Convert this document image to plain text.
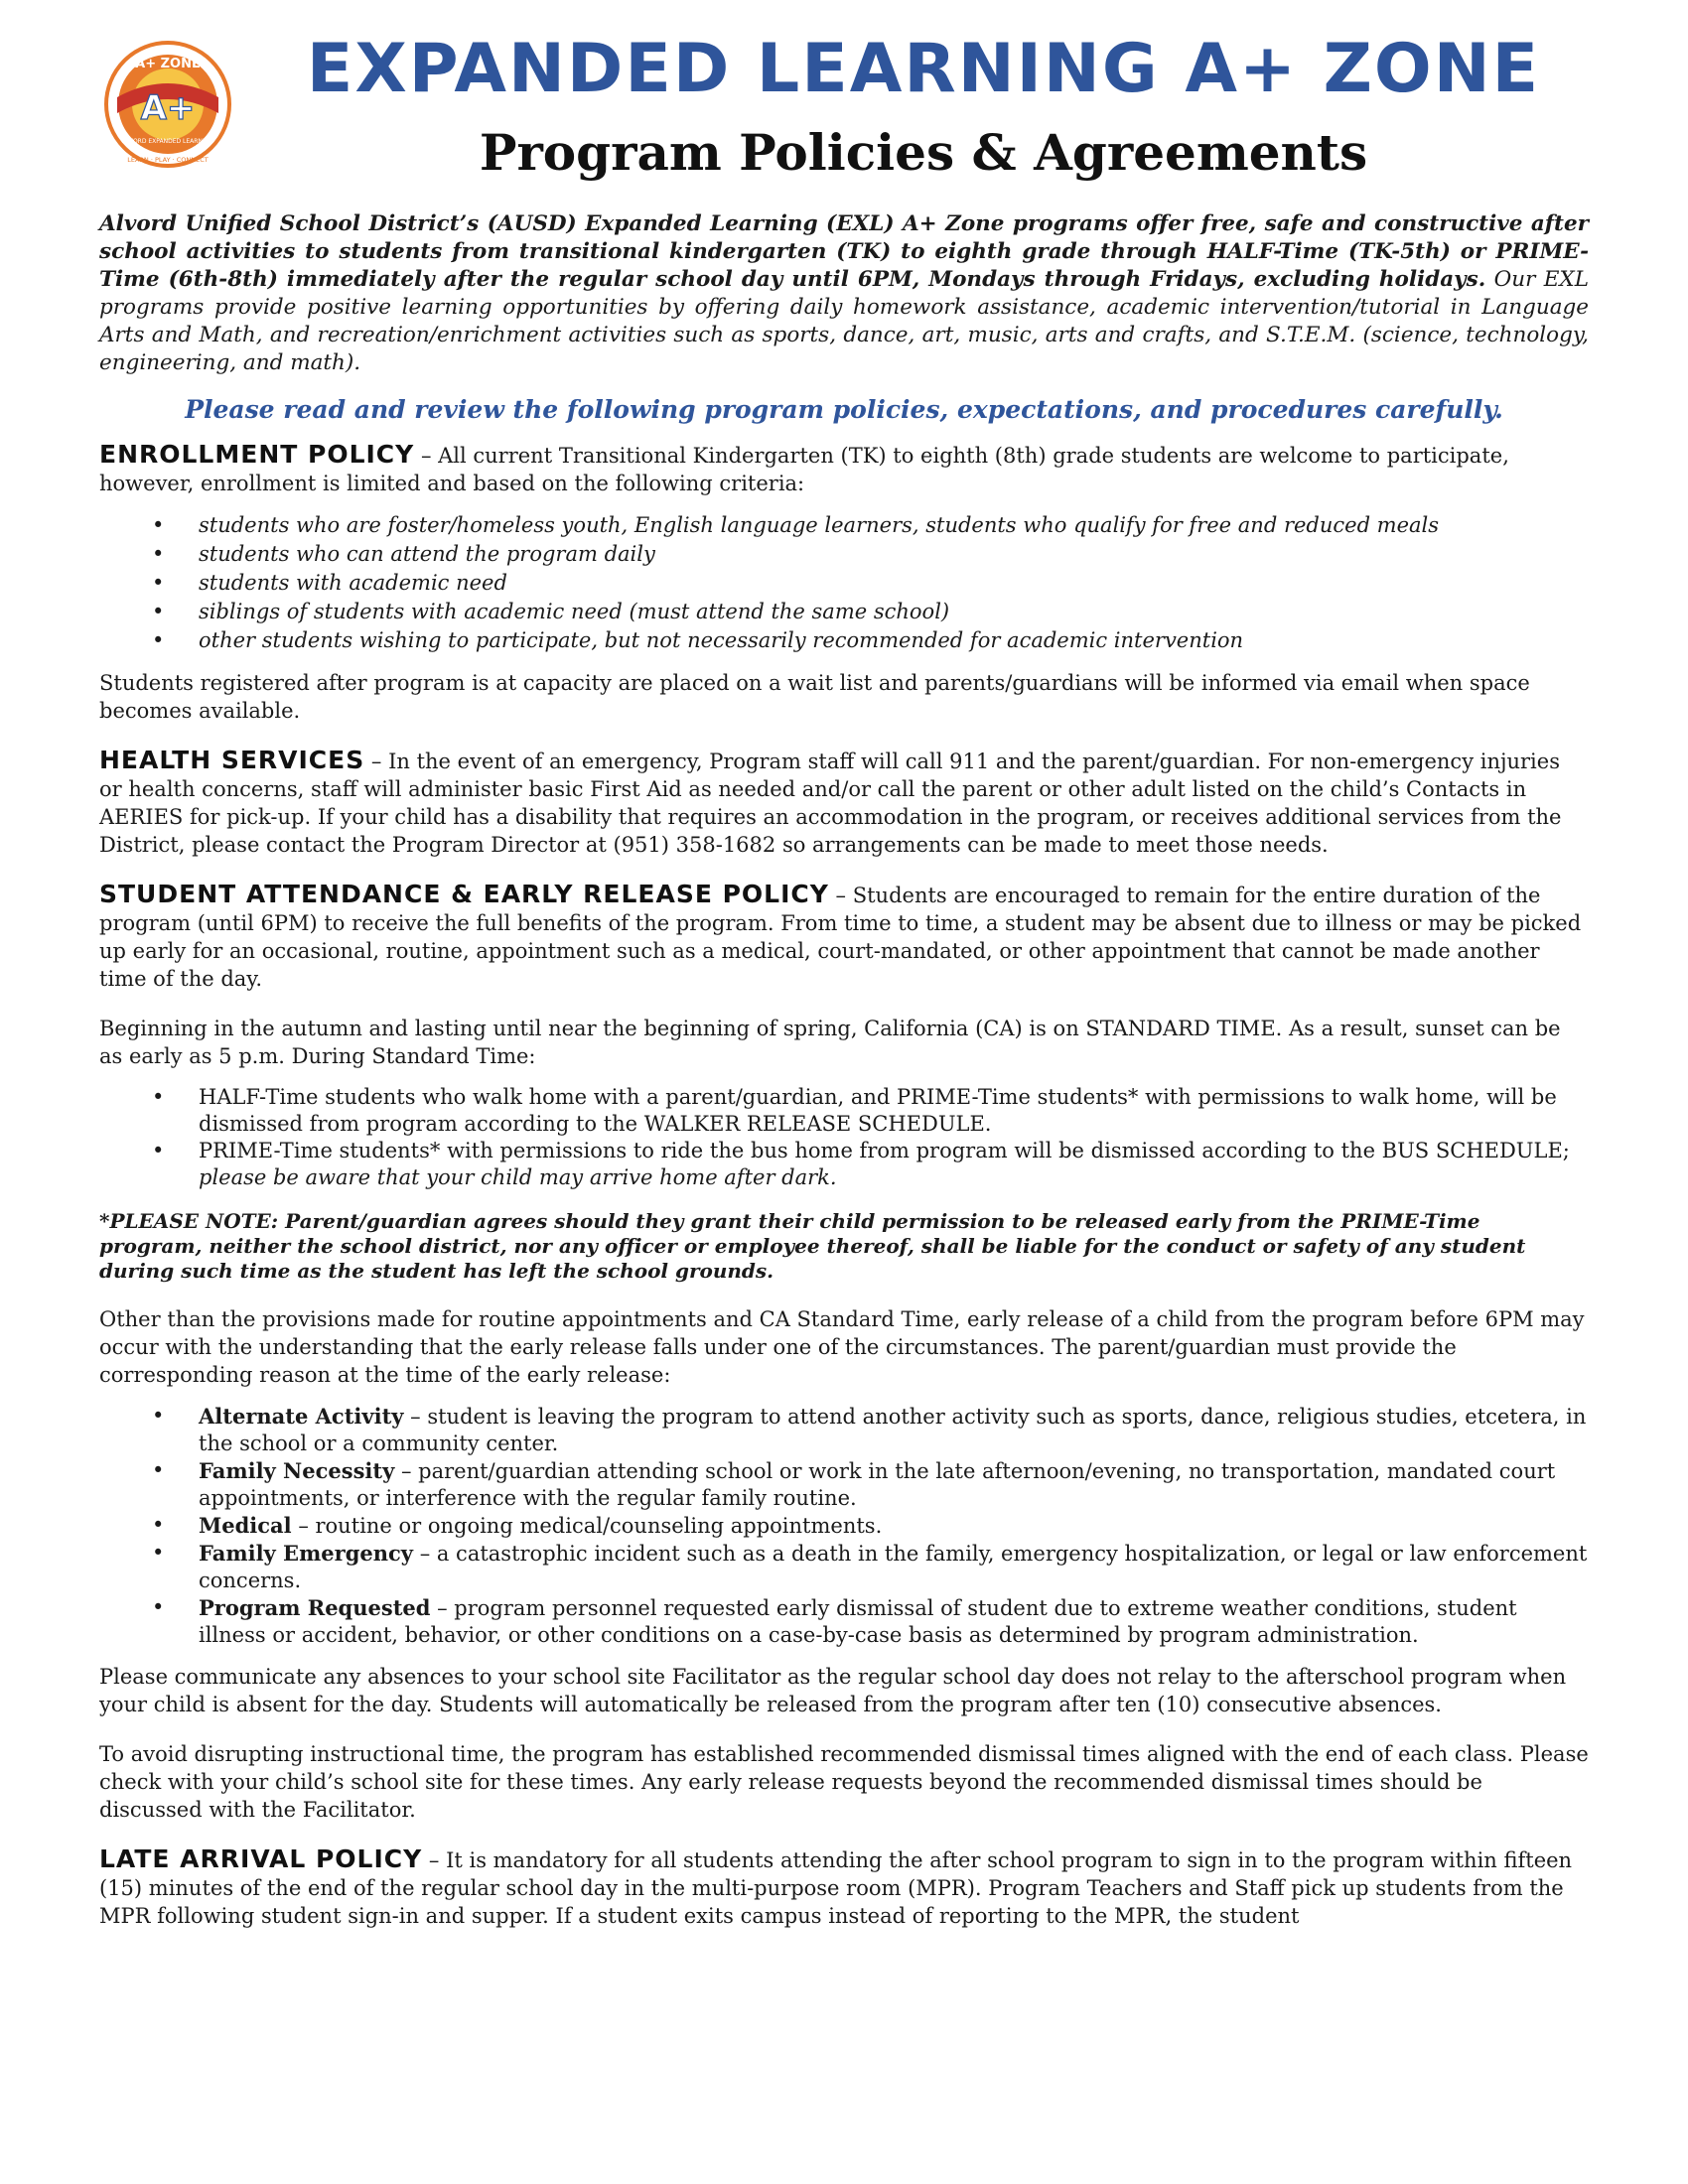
A+
A+ ZONE
ALVORD EXPANDED LEARNING
LEARN · PLAY · CONNECT
EXPANDED LEARNING A+ ZONE
Program Policies & Agreements

Alvord Unified School District’s (AUSD) Expanded Learning (EXL) A+ Zone programs offer free, safe and constructive after school activities to students from transitional kindergarten (TK) to eighth grade through HALF-Time (TK-5th) or PRIME-Time (6th-8th) immediately after the regular school day until 6PM, Mondays through Fridays, excluding holidays. Our EXL programs provide positive learning opportunities by offering daily homework assistance, academic intervention/tutorial in Language Arts and Math, and recreation/enrichment activities such as sports, dance, art, music, arts and crafts, and S.T.E.M. (science, technology, engineering, and math).

Please read and review the following program policies, expectations, and procedures carefully.

ENROLLMENT POLICY – All current Transitional Kindergarten (TK) to eighth (8th) grade students are welcome to participate, however, enrollment is limited and based on the following criteria:

• students who are foster/homeless youth, English language learners, students who qualify for free and reduced meals
• students who can attend the program daily
• students with academic need
• siblings of students with academic need (must attend the same school)
• other students wishing to participate, but not necessarily recommended for academic intervention

Students registered after program is at capacity are placed on a wait list and parents/guardians will be informed via email when space becomes available.

HEALTH SERVICES – In the event of an emergency, Program staff will call 911 and the parent/guardian. For non-emergency injuries or health concerns, staff will administer basic First Aid as needed and/or call the parent or other adult listed on the child’s Contacts in AERIES for pick-up. If your child has a disability that requires an accommodation in the program, or receives additional services from the District, please contact the Program Director at (951) 358-1682 so arrangements can be made to meet those needs.

STUDENT ATTENDANCE & EARLY RELEASE POLICY – Students are encouraged to remain for the entire duration of the program (until 6PM) to receive the full benefits of the program. From time to time, a student may be absent due to illness or may be picked up early for an occasional, routine, appointment such as a medical, court-mandated, or other appointment that cannot be made another time of the day.

Beginning in the autumn and lasting until near the beginning of spring, California (CA) is on STANDARD TIME. As a result, sunset can be as early as 5 p.m. During Standard Time:

• HALF-Time students who walk home with a parent/guardian, and PRIME-Time students* with permissions to walk home, will be dismissed from program according to the WALKER RELEASE SCHEDULE.
• PRIME-Time students* with permissions to ride the bus home from program will be dismissed according to the BUS SCHEDULE; please be aware that your child may arrive home after dark.

*PLEASE NOTE: Parent/guardian agrees should they grant their child permission to be released early from the PRIME-Time program, neither the school district, nor any officer or employee thereof, shall be liable for the conduct or safety of any student during such time as the student has left the school grounds.

Other than the provisions made for routine appointments and CA Standard Time, early release of a child from the program before 6PM may occur with the understanding that the early release falls under one of the circumstances. The parent/guardian must provide the corresponding reason at the time of the early release:

• Alternate Activity – student is leaving the program to attend another activity such as sports, dance, religious studies, etcetera, in the school or a community center.
• Family Necessity – parent/guardian attending school or work in the late afternoon/evening, no transportation, mandated court appointments, or interference with the regular family routine.
• Medical – routine or ongoing medical/counseling appointments.
• Family Emergency – a catastrophic incident such as a death in the family, emergency hospitalization, or legal or law enforcement concerns.
• Program Requested – program personnel requested early dismissal of student due to extreme weather conditions, student illness or accident, behavior, or other conditions on a case-by-case basis as determined by program administration.

Please communicate any absences to your school site Facilitator as the regular school day does not relay to the afterschool program when your child is absent for the day. Students will automatically be released from the program after ten (10) consecutive absences.

To avoid disrupting instructional time, the program has established recommended dismissal times aligned with the end of each class. Please check with your child’s school site for these times. Any early release requests beyond the recommended dismissal times should be discussed with the Facilitator.

LATE ARRIVAL POLICY – It is mandatory for all students attending the after school program to sign in to the program within fifteen (15) minutes of the end of the regular school day in the multi-purpose room (MPR). Program Teachers and Staff pick up students from the MPR following student sign-in and supper. If a student exits campus instead of reporting to the MPR, the student
